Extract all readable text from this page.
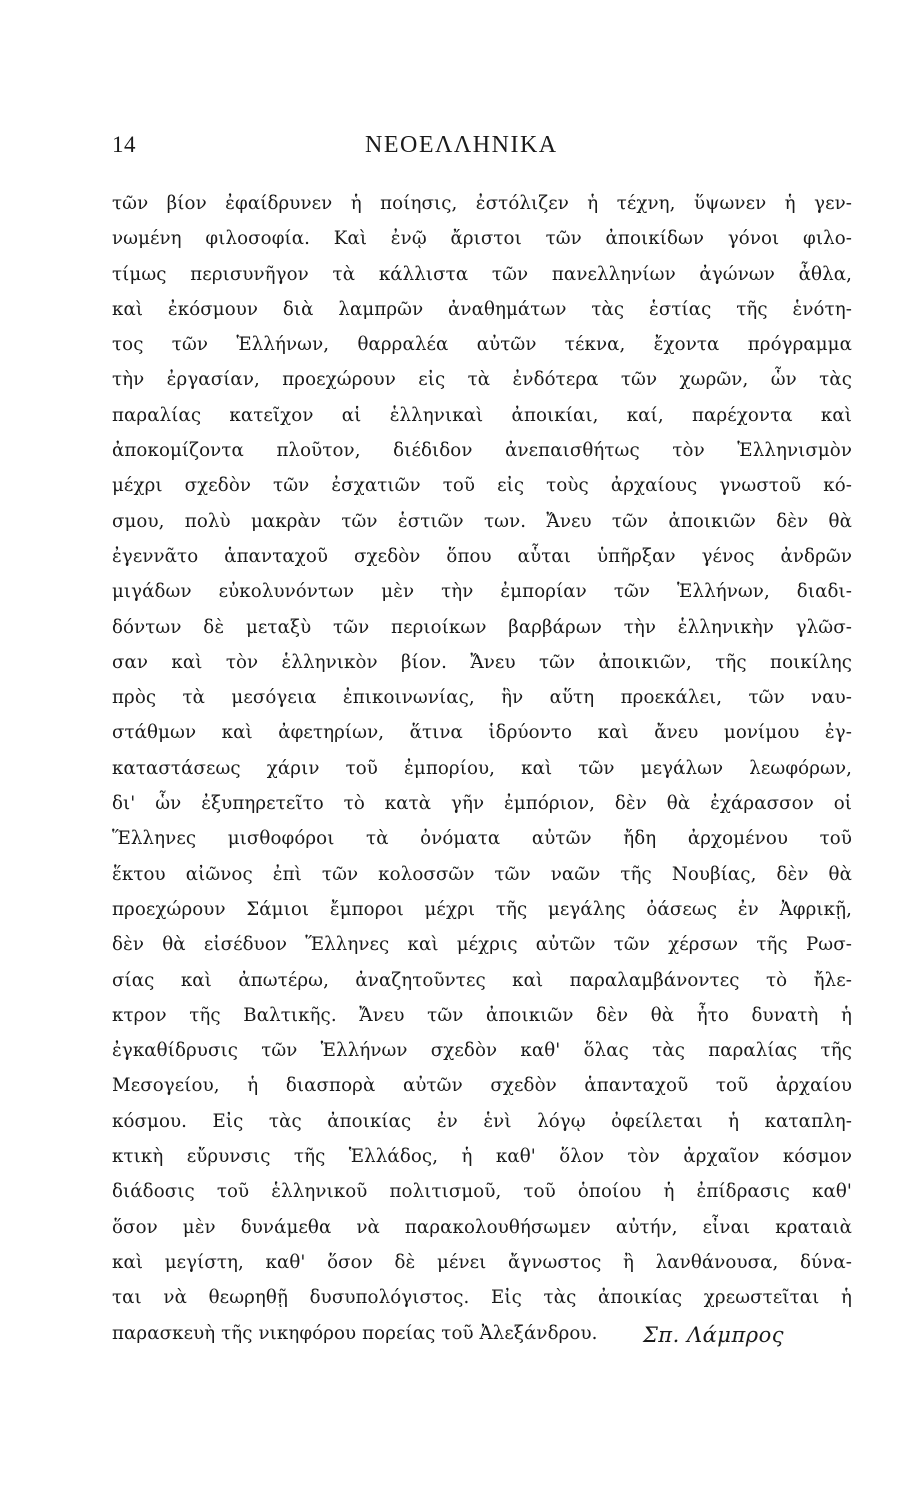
14	ΝΕΟΕΛΛΗΝΙΚΑ
τῶν βίον ἐφαίδρυνεν ἡ ποίησις, ἐστόλιζεν ἡ τέχνη, ὕψωνεν ἡ γεν-
νωμένη φιλοσοφία. Καὶ ἐνῷ ἄριστοι τῶν ἀποικίδων γόνοι φιλο-
τίμως περισυνῆγον τὰ κάλλιστα τῶν πανελληνίων ἀγώνων ἆθλα,
καὶ ἐκόσμουν διὰ λαμπρῶν ἀναθημάτων τὰς ἑστίας τῆς ἑνότη-
τος τῶν Ἑλλήνων, θαρραλέα αὐτῶν τέκνα, ἔχοντα πρόγραμμα
τὴν ἐργασίαν, προεχώρουν εἰς τὰ ἐνδότερα τῶν χωρῶν, ὧν τὰς
παραλίας κατεῖχον αἱ ἑλληνικαὶ ἀποικίαι, καί, παρέχοντα καὶ
ἀποκομίζοντα πλοῦτον, διέδιδον ἀνεπαισθήτως τὸν Ἑλληνισμὸν
μέχρι σχεδὸν τῶν ἐσχατιῶν τοῦ εἰς τοὺς ἀρχαίους γνωστοῦ κό-
σμου, πολὺ μακρὰν τῶν ἑστιῶν των. Ἄνευ τῶν ἀποικιῶν δὲν θὰ
ἐγεννᾶτο ἁπανταχοῦ σχεδὸν ὅπου αὗται ὑπῆρξαν γένος ἀνδρῶν
μιγάδων εὐκολυνόντων μὲν τὴν ἐμπορίαν τῶν Ἑλλήνων, διαδι-
δόντων δὲ μεταξὺ τῶν περιοίκων βαρβάρων τὴν ἑλληνικὴν γλῶσ-
σαν καὶ τὸν ἑλληνικὸν βίον. Ἄνευ τῶν ἀποικιῶν, τῆς ποικίλης
πρὸς τὰ μεσόγεια ἐπικοινωνίας, ἣν αὕτη προεκάλει, τῶν ναυ-
στάθμων καὶ ἀφετηρίων, ἅτινα ἱδρύοντο καὶ ἄνευ μονίμου ἐγ-
καταστάσεως χάριν τοῦ ἐμπορίου, καὶ τῶν μεγάλων λεωφόρων,
δι' ὧν ἐξυπηρετεῖτο τὸ κατὰ γῆν ἐμπόριον, δὲν θὰ ἐχάρασσον οἱ
Ἕλληνες μισθοφόροι τὰ ὀνόματα αὐτῶν ἤδη ἀρχομένου τοῦ
ἕκτου αἰῶνος ἐπὶ τῶν κολοσσῶν τῶν ναῶν τῆς Νουβίας, δὲν θὰ
προεχώρουν Σάμιοι ἔμποροι μέχρι τῆς μεγάλης ὀάσεως ἐν Ἀφρικῇ,
δὲν θὰ εἰσέδυον Ἕλληνες καὶ μέχρις αὐτῶν τῶν χέρσων τῆς Ρωσ-
σίας καὶ ἀπωτέρω, ἀναζητοῦντες καὶ παραλαμβάνοντες τὸ ἤλε-
κτρον τῆς Βαλτικῆς. Ἄνευ τῶν ἀποικιῶν δὲν θὰ ἦτο δυνατὴ ἡ
ἐγκαθίδρυσις τῶν Ἑλλήνων σχεδὸν καθ' ὅλας τὰς παραλίας τῆς
Μεσογείου, ἡ διασπορὰ αὐτῶν σχεδὸν ἁπανταχοῦ τοῦ ἀρχαίου
κόσμου. Εἰς τὰς ἀποικίας ἐν ἑνὶ λόγῳ ὀφείλεται ἡ καταπλη-
κτικὴ εὔρυνσις τῆς Ἑλλάδος, ἡ καθ' ὅλον τὸν ἀρχαῖον κόσμον
διάδοσις τοῦ ἑλληνικοῦ πολιτισμοῦ, τοῦ ὁποίου ἡ ἐπίδρασις καθ'
ὅσον μὲν δυνάμεθα νὰ παρακολουθήσωμεν αὐτήν, εἶναι κραταιὰ
καὶ μεγίστη, καθ' ὅσον δὲ μένει ἄγνωστος ἢ λανθάνουσα, δύνα-
ται νὰ θεωρηθῇ δυσυπολόγιστος. Εἰς τὰς ἀποικίας χρεωστεῖται ἡ
παρασκευὴ τῆς νικηφόρου πορείας τοῦ Ἀλεξάνδρου.	Σπ. Λάμπρος
